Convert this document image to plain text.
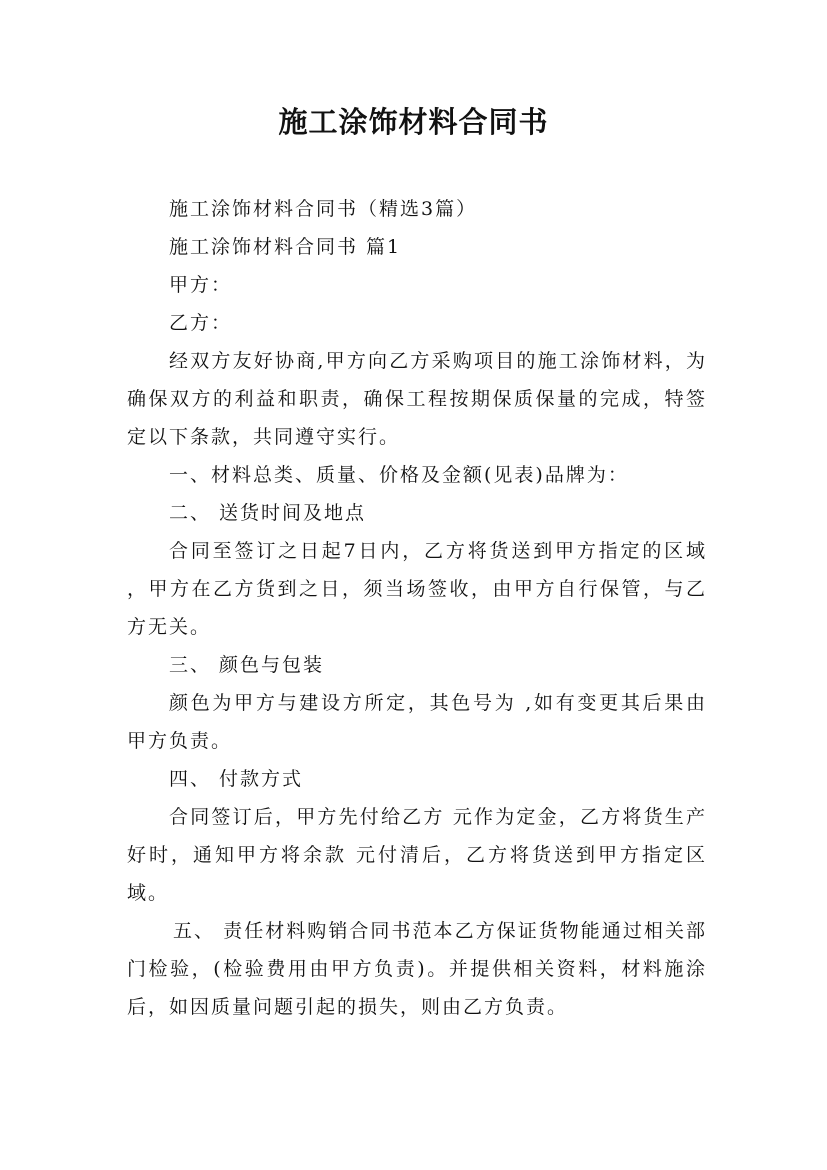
施工涂饰材料合同书

施工涂饰材料合同书（精选3篇）

施工涂饰材料合同书 篇1

甲方：

乙方：

经双方友好协商,甲方向乙方采购项目的施工涂饰材料，为确保双方的利益和职责，确保工程按期保质保量的完成，特签定以下条款，共同遵守实行。

一、材料总类、质量、价格及金额(见表)品牌为：

二、 送货时间及地点

合同至签订之日起7日内，乙方将货送到甲方指定的区域 ，甲方在乙方货到之日，须当场签收，由甲方自行保管，与乙方无关。

三、 颜色与包装

颜色为甲方与建设方所定，其色号为 ,如有变更其后果由甲方负责。

四、 付款方式

合同签订后，甲方先付给乙方 元作为定金，乙方将货生产好时，通知甲方将余款 元付清后，乙方将货送到甲方指定区域。

五、 责任材料购销合同书范本乙方保证货物能通过相关部门检验，(检验费用由甲方负责)。并提供相关资料，材料施涂后，如因质量问题引起的损失，则由乙方负责。
